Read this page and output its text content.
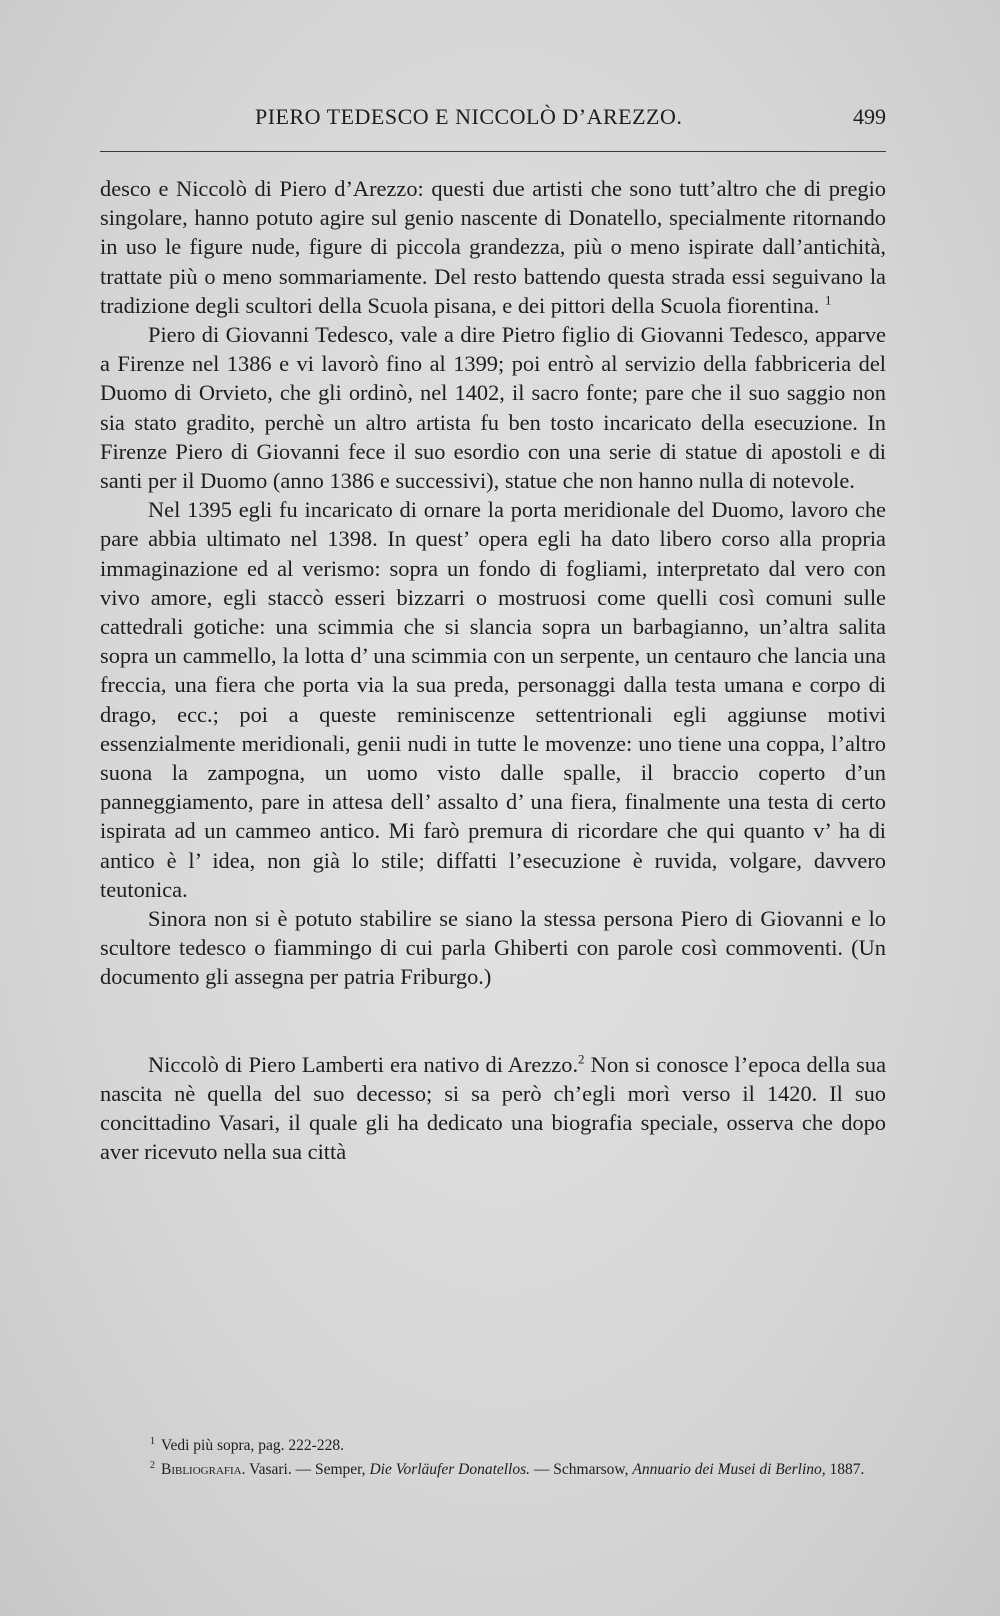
PIERO TEDESCO E NICCOLÒ D’AREZZO.	499

desco e Niccolò di Piero d’Arezzo: questi due artisti che sono tutt’altro che di pregio singolare, hanno potuto agire sul genio nascente di Donatello, specialmente ritornando in uso le figure nude, figure di piccola grandezza, più o meno ispirate dall’antichità, trattate più o meno sommariamente. Del resto battendo questa strada essi seguivano la tradizione degli scultori della Scuola pisana, e dei pittori della Scuola fiorentina. $^1$

Piero di Giovanni Tedesco, vale a dire Pietro figlio di Giovanni Tedesco, apparve a Firenze nel 1386 e vi lavorò fino al 1399; poi entrò al servizio della fabbriceria del Duomo di Orvieto, che gli ordinò, nel 1402, il sacro fonte; pare che il suo saggio non sia stato gradito, perchè un altro artista fu ben tosto incaricato della esecuzione. In Firenze Piero di Giovanni fece il suo esordio con una serie di statue di apostoli e di santi per il Duomo (anno 1386 e successivi), statue che non hanno nulla di notevole.

Nel 1395 egli fu incaricato di ornare la porta meridionale del Duomo, lavoro che pare abbia ultimato nel 1398. In quest’ opera egli ha dato libero corso alla propria immaginazione ed al verismo: sopra un fondo di fogliami, interpretato dal vero con vivo amore, egli staccò esseri bizzarri o mostruosi come quelli così comuni sulle cattedrali gotiche: una scimmia che si slancia sopra un barbagianno, un’altra salita sopra un cammello, la lotta d’ una scimmia con un serpente, un centauro che lancia una freccia, una fiera che porta via la sua preda, personaggi dalla testa umana e corpo di drago, ecc.; poi a queste reminiscenze settentrionali egli aggiunse motivi essenzialmente meridionali, genii nudi in tutte le movenze: uno tiene una coppa, l’altro suona la zampogna, un uomo visto dalle spalle, il braccio coperto d’un panneggiamento, pare in attesa dell’ assalto d’ una fiera, finalmente una testa di certo ispirata ad un cammeo antico. Mi farò premura di ricordare che qui quanto v’ ha di antico è l’ idea, non già lo stile; diffatti l’esecuzione è ruvida, volgare, davvero teutonica.

Sinora non si è potuto stabilire se siano la stessa persona Piero di Giovanni e lo scultore tedesco o fiammingo di cui parla Ghiberti con parole così commoventi. (Un documento gli assegna per patria Friburgo.)

Niccolò di Piero Lamberti era nativo di Arezzo.$^2$ Non si conosce l’epoca della sua nascita nè quella del suo decesso; si sa però ch’egli morì verso il 1420. Il suo concittadino Vasari, il quale gli ha dedicato una biografia speciale, osserva che dopo aver ricevuto nella sua città

$^1$ Vedi più sopra, pag. 222-228.

$^2$ Bibliografia. Vasari. — Semper, Die Vorläufer Donatellos. — Schmarsow, Annuario dei Musei di Berlino, 1887.
